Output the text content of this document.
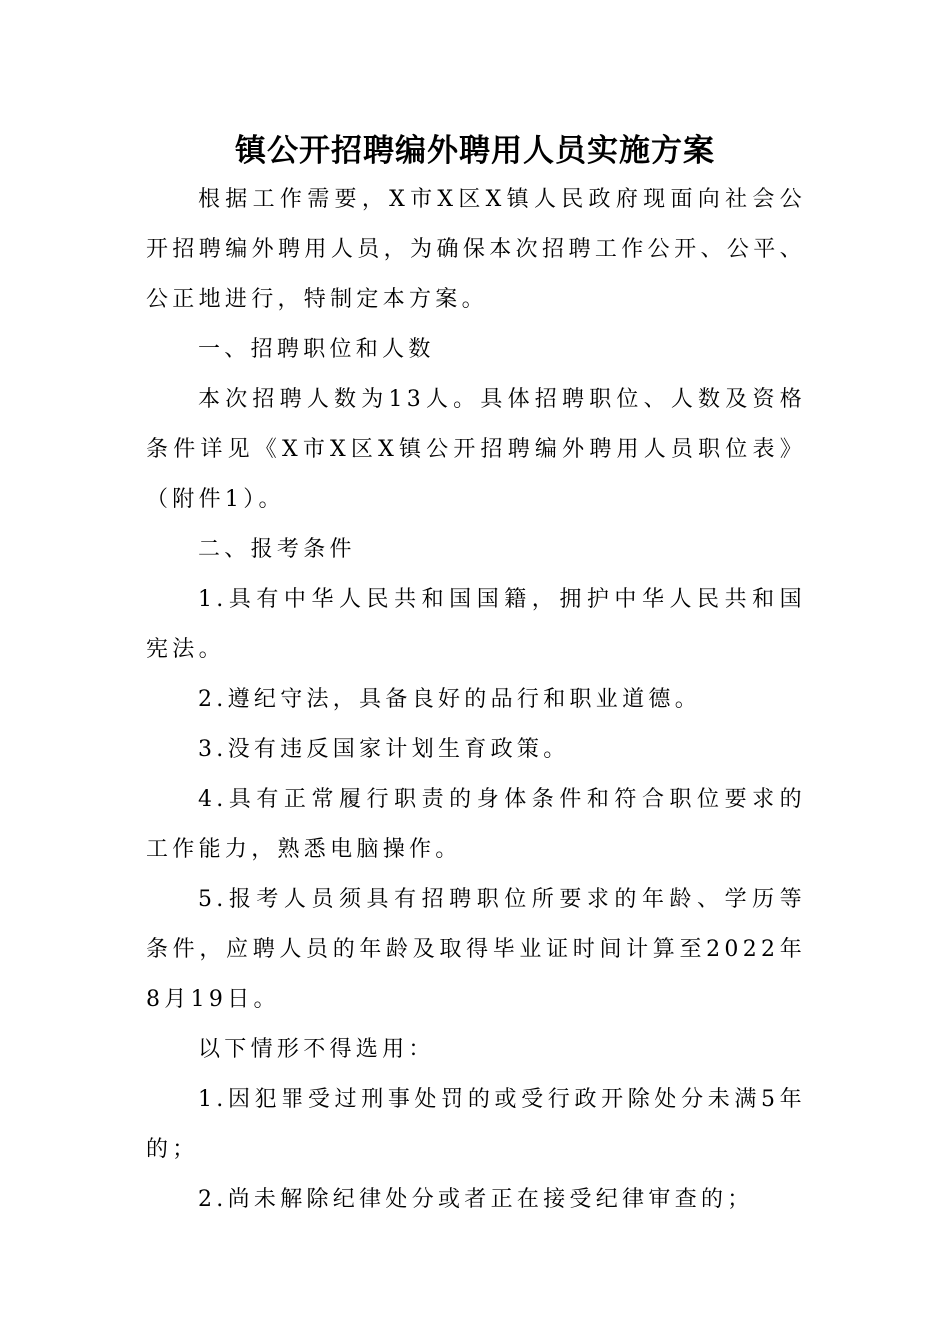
镇公开招聘编外聘用人员实施方案

根据工作需要，X市X区X镇人民政府现面向社会公开招聘编外聘用人员，为确保本次招聘工作公开、公平、公正地进行，特制定本方案。

一、招聘职位和人数

本次招聘人数为13人。具体招聘职位、人数及资格条件详见《X市X区X镇公开招聘编外聘用人员职位表》（附件1）。

二、报考条件

1.具有中华人民共和国国籍，拥护中华人民共和国宪法。

2.遵纪守法，具备良好的品行和职业道德。

3.没有违反国家计划生育政策。

4.具有正常履行职责的身体条件和符合职位要求的工作能力，熟悉电脑操作。

5.报考人员须具有招聘职位所要求的年龄、学历等条件，应聘人员的年龄及取得毕业证时间计算至2022年8月19日。

以下情形不得选用：

1.因犯罪受过刑事处罚的或受行政开除处分未满5年的；

2.尚未解除纪律处分或者正在接受纪律审查的；
